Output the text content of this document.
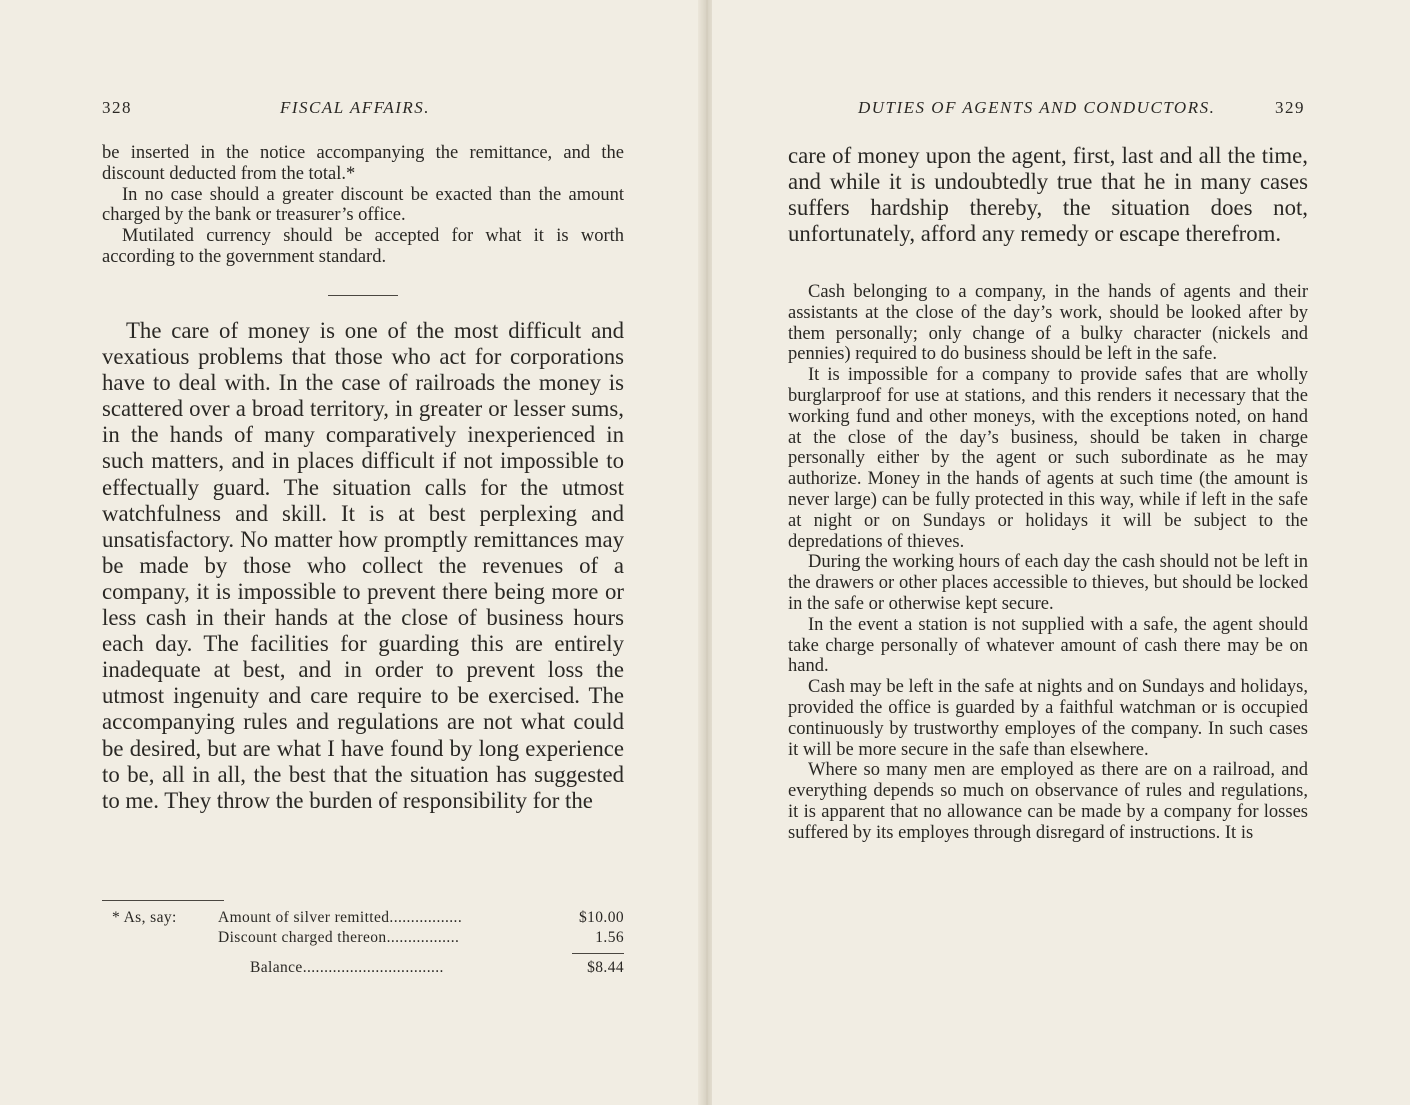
328	FISCAL AFFAIRS.

be inserted in the notice accompanying the remittance, and the discount deducted from the total.*

In no case should a greater discount be exacted than the amount charged by the bank or treasurer’s office.

Mutilated currency should be accepted for what it is worth according to the government standard.

The care of money is one of the most difficult and vexatious problems that those who act for corporations have to deal with. In the case of railroads the money is scattered over a broad territory, in greater or lesser sums, in the hands of many comparatively inexperienced in such matters, and in places difficult if not impossible to effectually guard. The situation calls for the utmost watchfulness and skill. It is at best perplexing and unsatisfactory. No matter how promptly remittances may be made by those who collect the revenues of a company, it is impossible to prevent there being more or less cash in their hands at the close of business hours each day. The facilities for guarding this are entirely inadequate at best, and in order to prevent loss the utmost ingenuity and care require to be exercised. The accompanying rules and regulations are not what could be desired, but are what I have found by long experience to be, all in all, the best that the situation has suggested to me. They throw the burden of responsibility for the

* As, say:	Amount of silver remitted.................	$10.00
Discount charged thereon.................	1.56
Balance.................................	$8.44
DUTIES OF AGENTS AND CONDUCTORS.	329

care of money upon the agent, first, last and all the time, and while it is undoubtedly true that he in many cases suffers hardship thereby, the situation does not, unfortunately, afford any remedy or escape therefrom.

Cash belonging to a company, in the hands of agents and their assistants at the close of the day’s work, should be looked after by them personally; only change of a bulky character (nickels and pennies) required to do business should be left in the safe.

It is impossible for a company to provide safes that are wholly burglarproof for use at stations, and this renders it necessary that the working fund and other moneys, with the exceptions noted, on hand at the close of the day’s business, should be taken in charge personally either by the agent or such subordinate as he may authorize. Money in the hands of agents at such time (the amount is never large) can be fully protected in this way, while if left in the safe at night or on Sundays or holidays it will be subject to the depredations of thieves.

During the working hours of each day the cash should not be left in the drawers or other places accessible to thieves, but should be locked in the safe or otherwise kept secure.

In the event a station is not supplied with a safe, the agent should take charge personally of whatever amount of cash there may be on hand.

Cash may be left in the safe at nights and on Sundays and holidays, provided the office is guarded by a faithful watchman or is occupied continuously by trustworthy employes of the company. In such cases it will be more secure in the safe than elsewhere.

Where so many men are employed as there are on a railroad, and everything depends so much on observance of rules and regulations, it is apparent that no allowance can be made by a company for losses suffered by its employes through disregard of instructions. It is
